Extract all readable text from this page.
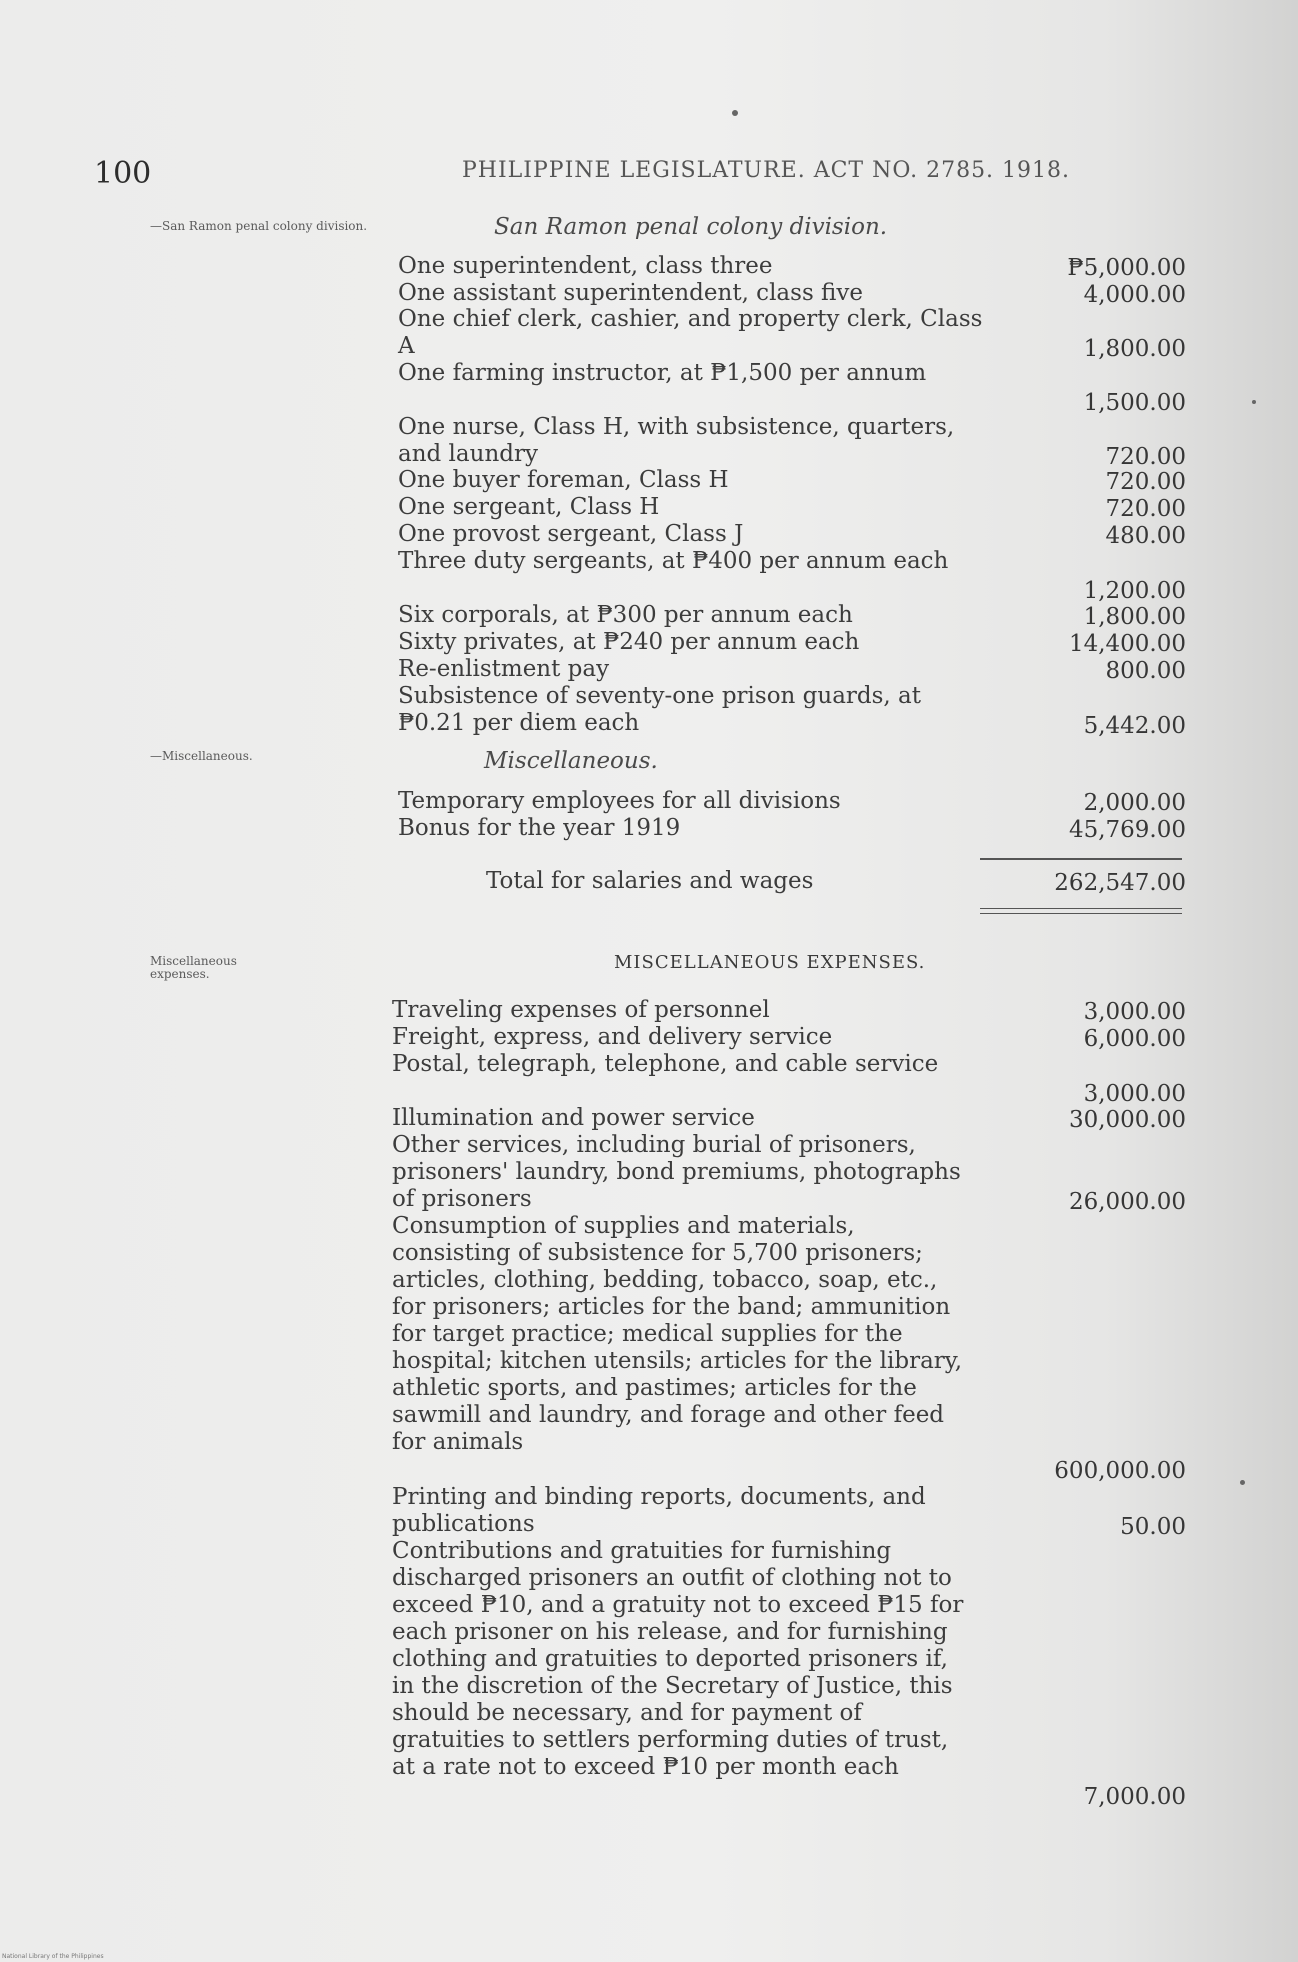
100	PHILIPPINE LEGISLATURE. ACT NO. 2785. 1918.
—San Ramon penal colony division.
—Miscellaneous.
Miscellaneous expenses.
San Ramon penal colony division.
One superintendent, class three	₱5,000.00
One assistant superintendent, class five	4,000.00
One chief clerk, cashier, and property clerk, Class A	1,800.00
One farming instructor, at ₱1,500 per annum
1,500.00
One nurse, Class H, with subsistence, quarters, and laundry	720.00
One buyer foreman, Class H	720.00
One sergeant, Class H	720.00
One provost sergeant, Class J	480.00
Three duty sergeants, at ₱400 per annum each
1,200.00
Six corporals, at ₱300 per annum each	1,800.00
Sixty privates, at ₱240 per annum each	14,400.00
Re-enlistment pay	800.00
Subsistence of seventy-one prison guards, at ₱0.21 per diem each	5,442.00
Miscellaneous.
Temporary employees for all divisions	2,000.00
Bonus for the year 1919	45,769.00
Total for salaries and wages	262,547.00
MISCELLANEOUS EXPENSES.
Traveling expenses of personnel	3,000.00
Freight, express, and delivery service	6,000.00
Postal, telegraph, telephone, and cable service
3,000.00
Illumination and power service	30,000.00
Other services, including burial of prisoners, prisoners' laundry, bond premiums, photographs of prisoners	26,000.00
Consumption of supplies and materials, consisting of subsistence for 5,700 prisoners; articles, clothing, bedding, tobacco, soap, etc., for prisoners; articles for the band; ammunition for target practice; medical supplies for the hospital; kitchen utensils; articles for the library, athletic sports, and pastimes; articles for the sawmill and laundry, and forage and other feed for animals
600,000.00
Printing and binding reports, documents, and publications	50.00
Contributions and gratuities for furnishing discharged prisoners an outfit of clothing not to exceed ₱10, and a gratuity not to exceed ₱15 for each prisoner on his release, and for furnishing clothing and gratuities to deported prisoners if, in the discretion of the Secretary of Justice, this should be necessary, and for payment of gratuities to settlers performing duties of trust, at a rate not to exceed ₱10 per month each
7,000.00
National Library of the Philippines
